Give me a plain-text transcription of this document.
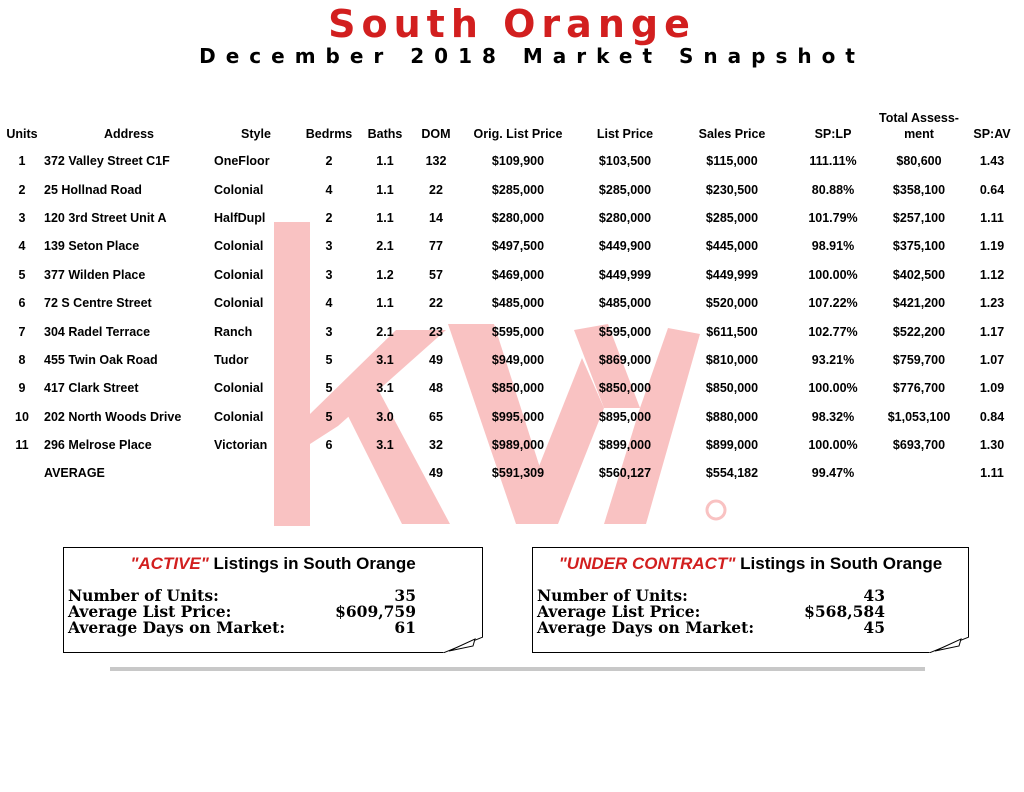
South Orange
December 2018 Market Snapshot
Units	Address	Style	Bedrms	Baths	DOM	Orig. List Price	List Price	Sales Price	SP:LP	Total Assess-ment	SP:AV
1	372 Valley Street C1F	OneFloor	2	1.1	132	$109,900	$103,500	$115,000	111.11%	$80,600	1.43
2	25 Hollnad Road	Colonial	4	1.1	22	$285,000	$285,000	$230,500	80.88%	$358,100	0.64
3	120 3rd Street Unit A	HalfDupl	2	1.1	14	$280,000	$280,000	$285,000	101.79%	$257,100	1.11
4	139 Seton Place	Colonial	3	2.1	77	$497,500	$449,900	$445,000	98.91%	$375,100	1.19
5	377 Wilden Place	Colonial	3	1.2	57	$469,000	$449,999	$449,999	100.00%	$402,500	1.12
6	72 S Centre Street	Colonial	4	1.1	22	$485,000	$485,000	$520,000	107.22%	$421,200	1.23
7	304 Radel Terrace	Ranch	3	2.1	23	$595,000	$595,000	$611,500	102.77%	$522,200	1.17
8	455 Twin Oak Road	Tudor	5	3.1	49	$949,000	$869,000	$810,000	93.21%	$759,700	1.07
9	417 Clark Street	Colonial	5	3.1	48	$850,000	$850,000	$850,000	100.00%	$776,700	1.09
10	202 North Woods Drive	Colonial	5	3.0	65	$995,000	$895,000	$880,000	98.32%	$1,053,100	0.84
11	296 Melrose Place	Victorian	6	3.1	32	$989,000	$899,000	$899,000	100.00%	$693,700	1.30
	AVERAGE				49	$591,309	$560,127	$554,182	99.47%		1.11
"ACTIVE" Listings in South Orange
Number of Units:	35
Average List Price:	$609,759
Average Days on Market:	61
"UNDER CONTRACT" Listings in South Orange
Number of Units:	43
Average List Price:	$568,584
Average Days on Market:	45
